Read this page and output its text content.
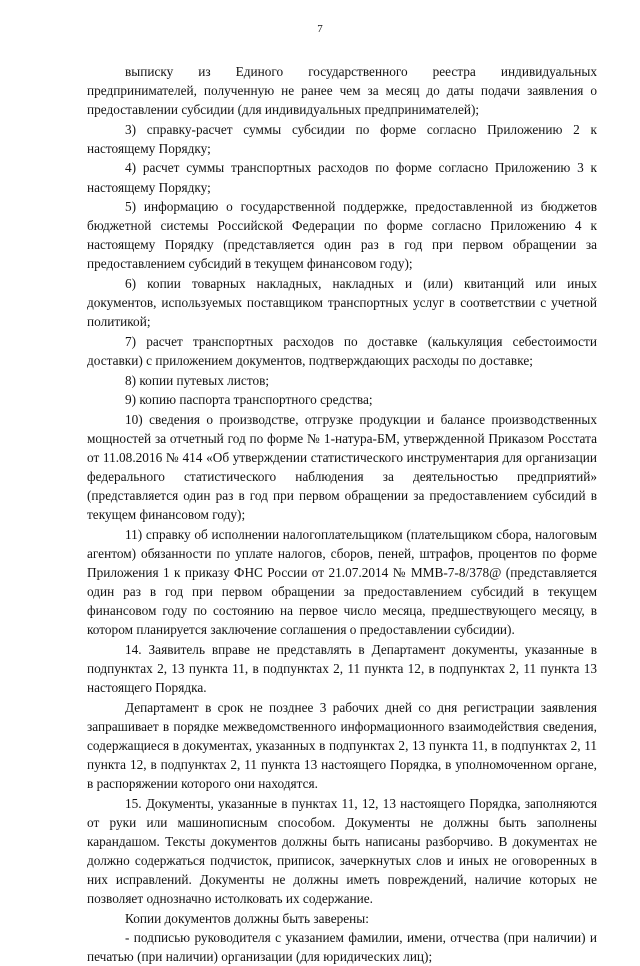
7

выписку из Единого государственного реестра индивидуальных предпринимателей, полученную не ранее чем за месяц до даты подачи заявления о предоставлении субсидии (для индивидуальных предпринимателей);

3) справку-расчет суммы субсидии по форме согласно Приложению 2 к настоящему Порядку;

4) расчет суммы транспортных расходов по форме согласно Приложению 3 к настоящему Порядку;

5) информацию о государственной поддержке, предоставленной из бюджетов бюджетной системы Российской Федерации по форме согласно Приложению 4 к настоящему Порядку (представляется один раз в год при первом обращении за предоставлением субсидий в текущем финансовом году);

6) копии товарных накладных, накладных и (или) квитанций или иных документов, используемых поставщиком транспортных услуг в соответствии с учетной политикой;

7) расчет транспортных расходов по доставке (калькуляция себестоимости доставки) с приложением документов, подтверждающих расходы по доставке;

8) копии путевых листов;

9) копию паспорта транспортного средства;

10) сведения о производстве, отгрузке продукции и балансе производственных мощностей за отчетный год по форме № 1-натура-БМ, утвержденной Приказом Росстата от 11.08.2016 № 414 «Об утверждении статистического инструментария для организации федерального статистического наблюдения за деятельностью предприятий» (представляется один раз в год при первом обращении за предоставлением субсидий в текущем финансовом году);

11) справку об исполнении налогоплательщиком (плательщиком сбора, налоговым агентом) обязанности по уплате налогов, сборов, пеней, штрафов, процентов по форме Приложения 1 к приказу ФНС России от 21.07.2014 № ММВ-7-8/378@ (представляется один раз в год при первом обращении за предоставлением субсидий в текущем финансовом году по состоянию на первое число месяца, предшествующего месяцу, в котором планируется заключение соглашения о предоставлении субсидии).

14. Заявитель вправе не представлять в Департамент документы, указанные в подпунктах 2, 13 пункта 11, в подпунктах 2, 11 пункта 12, в подпунктах 2, 11 пункта 13 настоящего Порядка.

Департамент в срок не позднее 3 рабочих дней со дня регистрации заявления запрашивает в порядке межведомственного информационного взаимодействия сведения, содержащиеся в документах, указанных в подпунктах 2, 13 пункта 11, в подпунктах 2, 11 пункта 12, в подпунктах 2, 11 пункта 13 настоящего Порядка, в уполномоченном органе, в распоряжении которого они находятся.

15. Документы, указанные в пунктах 11, 12, 13 настоящего Порядка, заполняются от руки или машинописным способом. Документы не должны быть заполнены карандашом. Тексты документов должны быть написаны разборчиво. В документах не должно содержаться подчисток, приписок, зачеркнутых слов и иных не оговоренных в них исправлений. Документы не должны иметь повреждений, наличие которых не позволяет однозначно истолковать их содержание.

Копии документов должны быть заверены:

- подписью руководителя с указанием фамилии, имени, отчества (при наличии) и печатью (при наличии) организации (для юридических лиц);
